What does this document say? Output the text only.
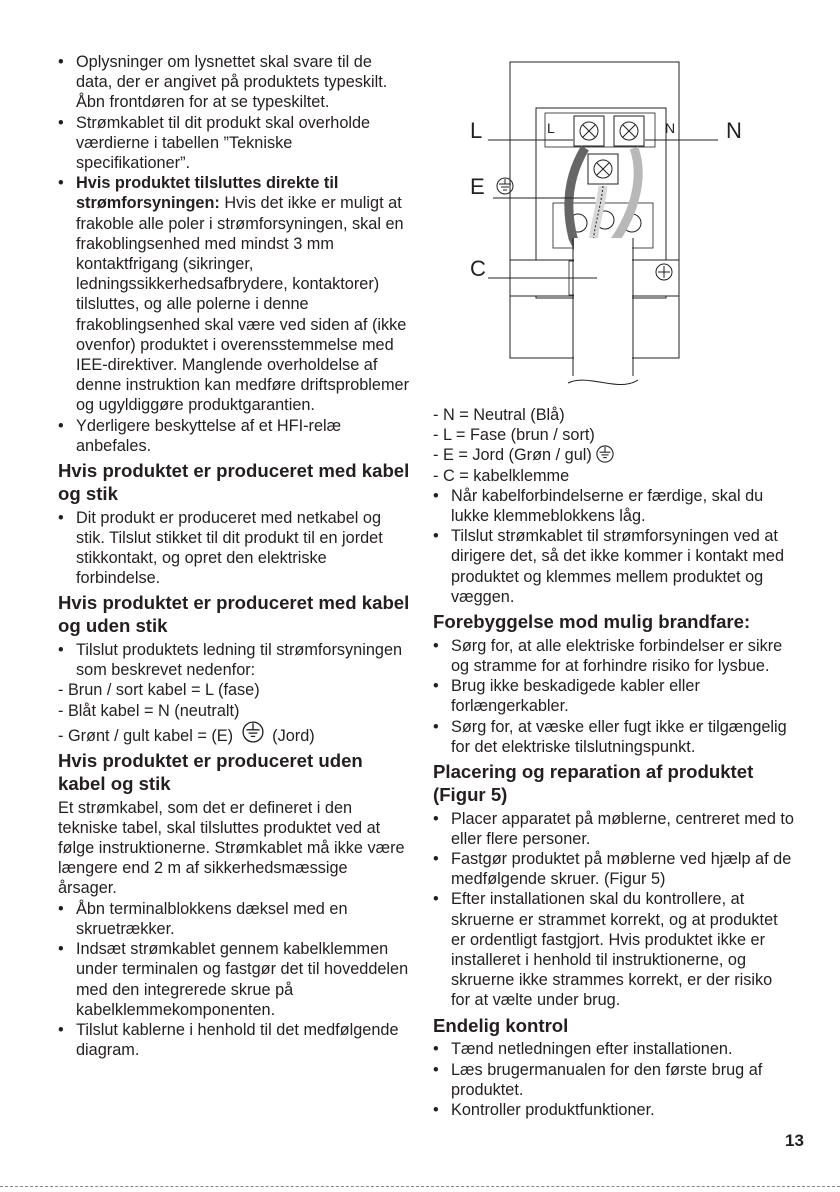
• Oplysninger om lysnettet skal svare til de data, der er angivet på produktets typeskilt. Åbn frontdøren for at se typeskiltet.
• Strømkablet til dit produkt skal overholde værdierne i tabellen ”Tekniske specifikationer”.
• Hvis produktet tilsluttes direkte til strømforsyningen: Hvis det ikke er muligt at frakoble alle poler i strømforsyningen, skal en frakoblingsenhed med mindst 3 mm kontaktfrigang (sikringer, ledningssikkerhedsafbrydere, kontaktorer) tilsluttes, og alle polerne i denne frakoblingsenhed skal være ved siden af (ikke ovenfor) produktet i overensstemmelse med IEE-direktiver. Manglende overholdelse af denne instruktion kan medføre driftsproblemer og ugyldiggøre produktgarantien.
• Yderligere beskyttelse af et HFI-relæ anbefales.
Hvis produktet er produceret med kabel og stik
• Dit produkt er produceret med netkabel og stik. Tilslut stikket til dit produkt til en jordet stikkontakt, og opret den elektriske forbindelse.
Hvis produktet er produceret med kabel og uden stik
• Tilslut produktets ledning til strømforsyningen som beskrevet nedenfor:
- Brun / sort kabel = L (fase)
- Blåt kabel = N (neutralt)
- Grønt / gult kabel = (E) (Jord)
Hvis produktet er produceret uden kabel og stik

Et strømkabel, som det er defineret i den tekniske tabel, skal tilsluttes produktet ved at følge instruktionerne. Strømkablet må ikke være længere end 2 m af sikkerhedsmæssige årsager.

• Åbn terminalblokkens dæksel med en skruetrækker.
• Indsæt strømkablet gennem kabelklemmen under terminalen og fastgør det til hoveddelen med den integrerede skrue på kabelklemmekomponenten.
• Tilslut kablerne i henhold til det medfølgende diagram.
L	N
L	N
E
C
- N = Neutral (Blå)
- L = Fase (brun / sort)
- E = Jord (Grøn / gul)
- C = kabelklemme
• Når kabelforbindelserne er færdige, skal du lukke klemmeblokkens låg.
• Tilslut strømkablet til strømforsyningen ved at dirigere det, så det ikke kommer i kontakt med produktet og klemmes mellem produktet og væggen.
Forebyggelse mod mulig brandfare:
• Sørg for, at alle elektriske forbindelser er sikre og stramme for at forhindre risiko for lysbue.
• Brug ikke beskadigede kabler eller forlængerkabler.
• Sørg for, at væske eller fugt ikke er tilgængelig for det elektriske tilslutningspunkt.
Placering og reparation af produktet (Figur 5)
• Placer apparatet på møblerne, centreret med to eller flere personer.
• Fastgør produktet på møblerne ved hjælp af de medfølgende skruer. (Figur 5)
• Efter installationen skal du kontrollere, at skruerne er strammet korrekt, og at produktet er ordentligt fastgjort. Hvis produktet ikke er installeret i henhold til instruktionerne, og skruerne ikke strammes korrekt, er der risiko for at vælte under brug.
Endelig kontrol
• Tænd netledningen efter installationen.
• Læs brugermanualen for den første brug af produktet.
• Kontroller produktfunktioner.
13
